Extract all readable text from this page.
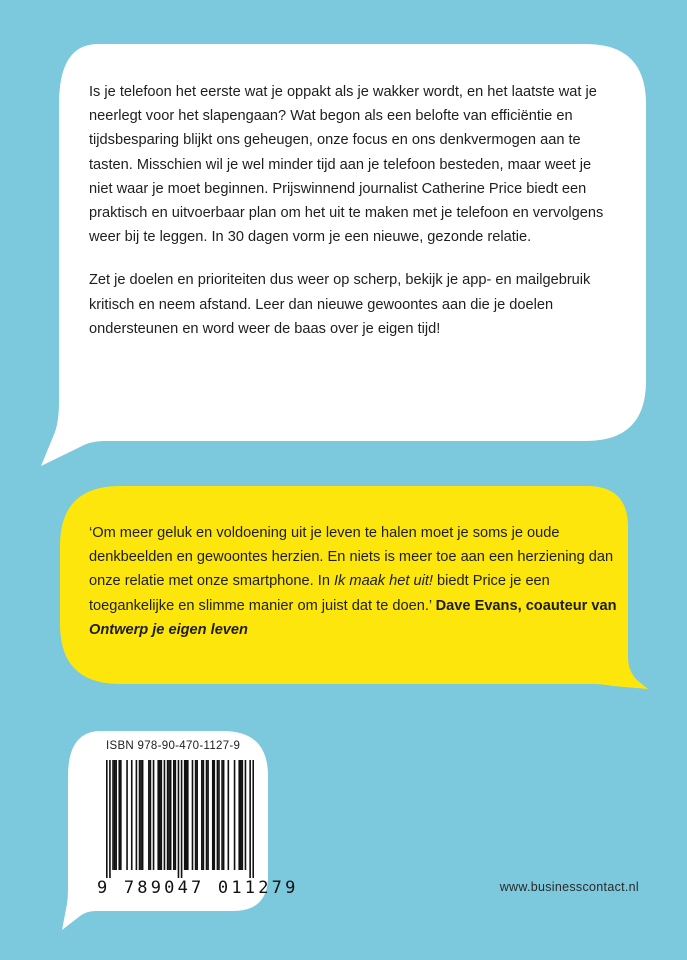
Is je telefoon het eerste wat je oppakt als je wakker wordt, en het laatste wat je neerlegt voor het slapengaan? Wat begon als een belofte van efficiëntie en tijdsbesparing blijkt ons geheugen, onze focus en ons denkvermogen aan te tasten. Misschien wil je wel minder tijd aan je telefoon besteden, maar weet je niet waar je moet beginnen. Prijswinnend journalist Catherine Price biedt een praktisch en uitvoerbaar plan om het uit te maken met je telefoon en vervolgens weer bij te leggen. In 30 dagen vorm je een nieuwe, gezonde relatie.

Zet je doelen en prioriteiten dus weer op scherp, bekijk je app- en mailgebruik kritisch en neem afstand. Leer dan nieuwe gewoontes aan die je doelen ondersteunen en word weer de baas over je eigen tijd!

‘Om meer geluk en voldoening uit je leven te halen moet je soms je oude denkbeelden en gewoontes herzien. En niets is meer toe aan een herziening dan onze relatie met onze smartphone. In Ik maak het uit! biedt Price je een toegankelijke en slimme manier om juist dat te doen.’ Dave Evans, coauteur van Ontwerp je eigen leven
ISBN 978-90-470-1127-9
9 789047 011279	www.businesscontact.nl
